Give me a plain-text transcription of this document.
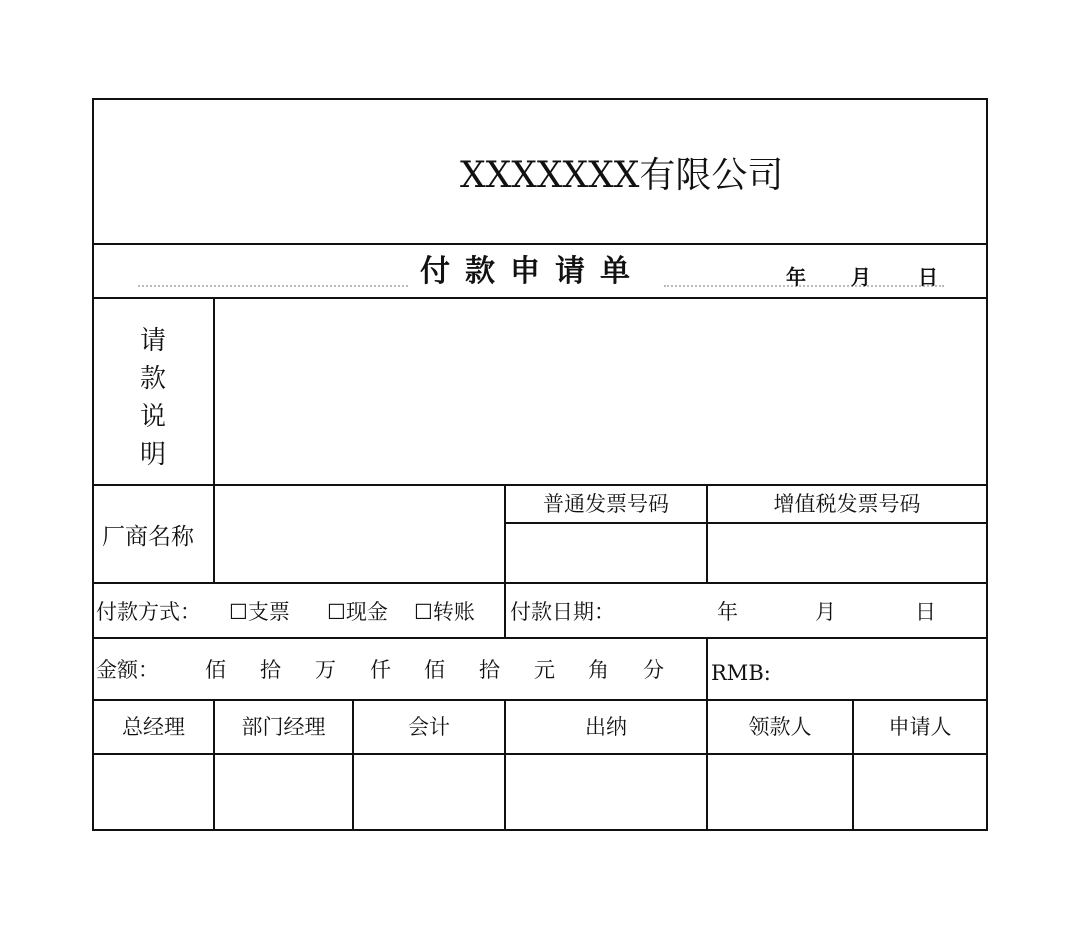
XXXXXXX有限公司
付款申请单	年 月 日
请
款
说
明
厂商名称
普通发票号码	增值税发票号码
付款方式： ☐支票 ☐现金 ☐转账 付款日期：	年	月	日
金额： 佰 拾 万 仟 佰 拾 元 角 分 RMB:
总经理	部门经理	会计	出纳	领款人	申请人
